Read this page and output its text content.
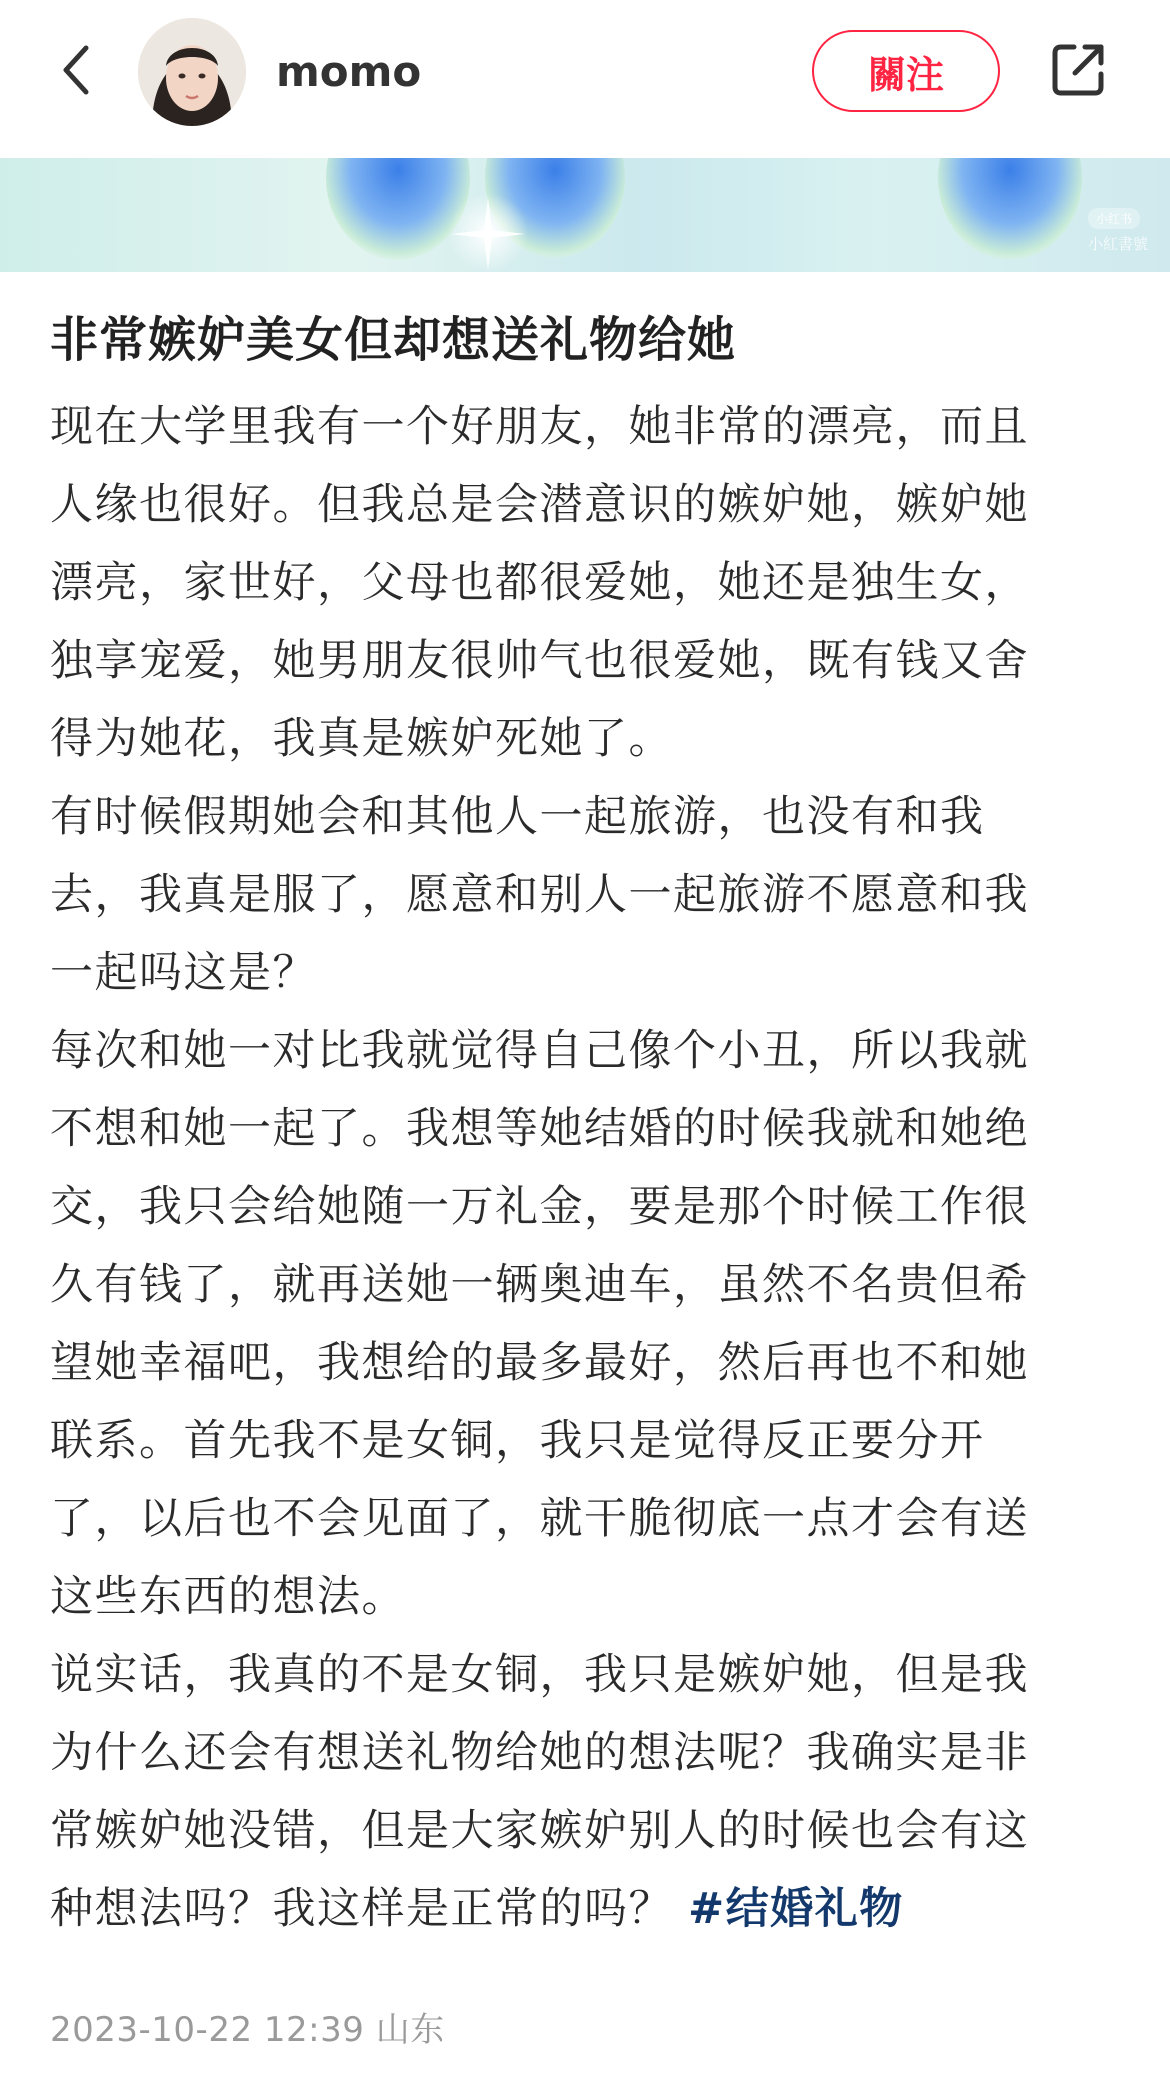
momo	關注
小红书
小紅書號
非常嫉妒美女但却想送礼物给她

现在大学里我有一个好朋友，她非常的漂亮，而且人缘也很好。但我总是会潜意识的嫉妒她，嫉妒她漂亮，家世好，父母也都很爱她，她还是独生女，独享宠爱，她男朋友很帅气也很爱她，既有钱又舍得为她花，我真是嫉妒死她了。

有时候假期她会和其他人一起旅游，也没有和我去，我真是服了，愿意和别人一起旅游不愿意和我一起吗这是？

每次和她一对比我就觉得自己像个小丑，所以我就不想和她一起了。我想等她结婚的时候我就和她绝交，我只会给她随一万礼金，要是那个时候工作很久有钱了，就再送她一辆奥迪车，虽然不名贵但希望她幸福吧，我想给的最多最好，然后再也不和她联系。首先我不是女铜，我只是觉得反正要分开了，以后也不会见面了，就干脆彻底一点才会有送这些东西的想法。

说实话，我真的不是女铜，我只是嫉妒她，但是我为什么还会有想送礼物给她的想法呢？我确实是非常嫉妒她没错，但是大家嫉妒别人的时候也会有这种想法吗？我这样是正常的吗？ #结婚礼物

2023-10-22 12:39 山东
